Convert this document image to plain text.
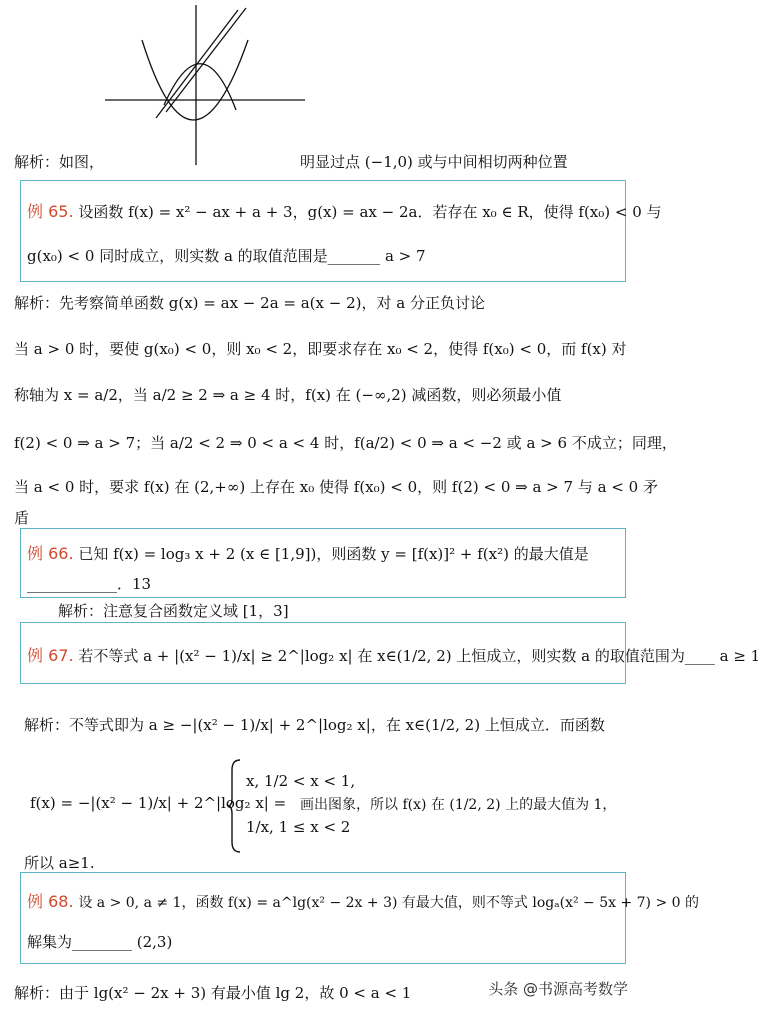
解析：如图，	明显过点 (−1,0) 或与中间相切两种位置
例 65. 设函数 f(x) = x² − ax + a + 3，g(x) = ax − 2a．若存在 x₀ ∈ R，使得 f(x₀) < 0 与
g(x₀) < 0 同时成立，则实数 a 的取值范围是_______ a > 7
解析：先考察简单函数 g(x) = ax − 2a = a(x − 2)，对 a 分正负讨论
当 a > 0 时，要使 g(x₀) < 0，则 x₀ < 2，即要求存在 x₀ < 2，使得 f(x₀) < 0，而 f(x) 对
称轴为 x = a/2，当 a/2 ≥ 2 ⇒ a ≥ 4 时，f(x) 在 (−∞,2) 减函数，则必须最小值
f(2) < 0 ⇒ a > 7；当 a/2 < 2 ⇒ 0 < a < 4 时，f(a/2) < 0 ⇒ a < −2 或 a > 6 不成立；同理，
当 a < 0 时，要求 f(x) 在 (2,+∞) 上存在 x₀ 使得 f(x₀) < 0，则 f(2) < 0 ⇒ a > 7 与 a < 0 矛
盾
例 66. 已知 f(x) = log₃ x + 2 (x ∈ [1,9])，则函数 y = [f(x)]² + f(x²) 的最大值是
____________．13
解析：注意复合函数定义域 [1，3]
例 67. 若不等式 a + |(x² − 1)/x| ≥ 2^|log₂ x| 在 x∈(1/2, 2) 上恒成立，则实数 a 的取值范围为____ a ≥ 1
解析：不等式即为 a ≥ −|(x² − 1)/x| + 2^|log₂ x|，在 x∈(1/2, 2) 上恒成立．而函数
f(x) = −|(x² − 1)/x| + 2^|log₂ x| =
x, 1/2 < x < 1,
1/x, 1 ≤ x < 2
画出图象，所以 f(x) 在 (1/2, 2) 上的最大值为 1，
所以 a≥1.
例 68. 设 a > 0, a ≠ 1，函数 f(x) = a^lg(x² − 2x + 3) 有最大值，则不等式 logₐ(x² − 5x + 7) > 0 的
解集为________ (2,3)
解析：由于 lg(x² − 2x + 3) 有最小值 lg 2，故 0 < a < 1	头条 @书源高考数学
